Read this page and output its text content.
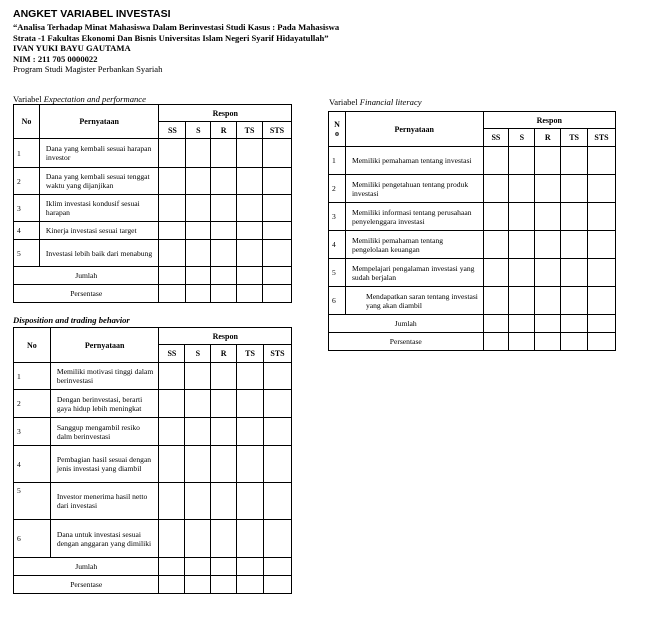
ANGKET VARIABEL INVESTASI
“Analisa Terhadap Minat Mahasiswa Dalam Berinvestasi Studi Kasus : Pada Mahasiswa Strata -1 Fakultas Ekonomi Dan Bisnis Universitas Islam Negeri Syarif Hidayatullah”
IVAN YUKI BAYU GAUTAMA
NIM : 211 705 0000022
Program Studi Magister Perbankan Syariah
Variabel Expectation and performance
No	Pernyataan	Respon				
		SS	S	R	TS	STS
1	Dana yang kembali sesuai harapan investor					
2	Dana yang kembali sesuai tenggat waktu yang dijanjikan					
3	Iklim investasi kondusif sesuai harapan					
4	Kinerja investasi sesuai target					
5	Investasi lebih baik dari menabung					
Jumlah						
Persentase						
Disposition and trading behavior
No	Pernyataan	Respon				
		SS	S	R	TS	STS
1	Memiliki motivasi tinggi dalam berinvestasi					
2	Dengan berinvestasi, berarti gaya hidup lebih meningkat					
3	Sanggup mengambil resiko dalm berinvestasi					
4	Pembagian hasil sesuai dengan jenis investasi yang diambil					
5	Investor menerima hasil netto dari investasi					
6	Dana untuk investasi sesuai dengan anggaran yang dimiliki					
Jumlah						
Persentase						
Variabel Financial literacy
N
o	Pernyataan	Respon				
		SS	S	R	TS	STS
1	Memiliki pemahaman tentang investasi					
2	Memiliki pengetahuan tentang produk investasi					
3	Memiliki informasi tentang perusahaan penyelenggara investasi					
4	Memiliki pemahaman tentang pengelolaan keuangan					
5	Mempelajari pengalaman investasi yang sudah berjalan					
6	Mendapatkan saran tentang investasi yang akan diambil					
Jumlah						
Persentase						
